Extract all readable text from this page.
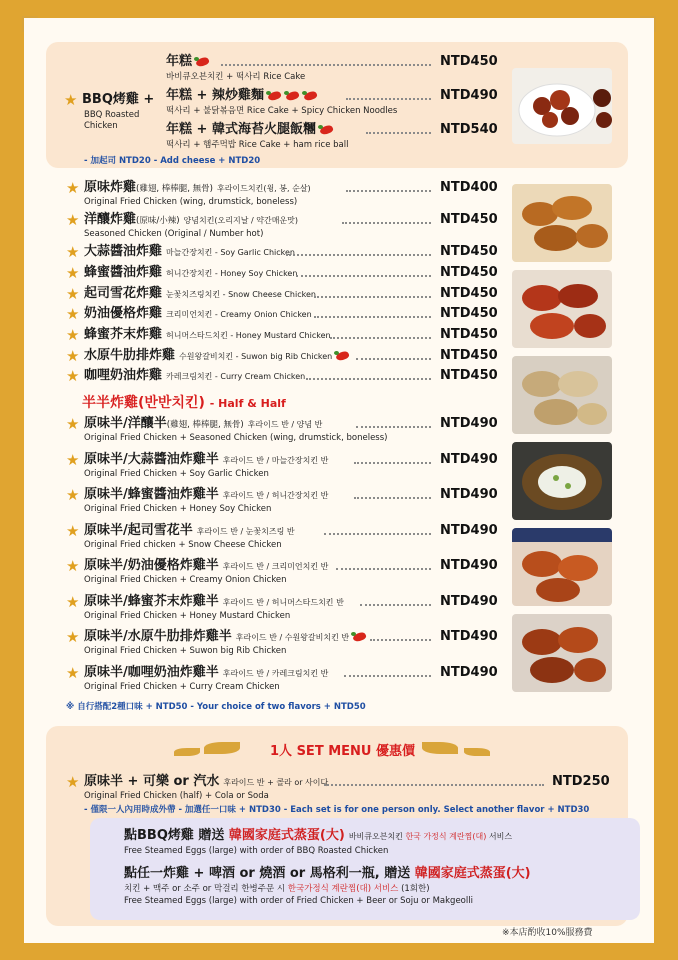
★ BBQ烤雞 +
BBQ Roasted Chicken
年糕
바비큐오븐치킨 + 떡사리 Rice Cake
NTD450
年糕 + 辣炒雞麵
떡사리 + 불닭볶음면 Rice Cake + Spicy Chicken Noodles
NTD490
年糕 + 韓式海苔火腿飯糰
떡사리 + 햄주먹밥 Rice Cake + ham rice ball
NTD540
- 加起司 NTD20 - Add cheese + NTD20
★ 原味炸雞(雞翅, 棒棒腿, 無骨) 후라이드치킨(윙, 봉, 순살)
Original Fried Chicken (wing, drumstick, boneless)
NTD400
★ 洋釀炸雞(原味/小辣) 양념치킨(오리지날 / 약간매운맛)
Seasoned Chicken (Original / Number hot)
NTD450
★ 大蒜醬油炸雞 마늘간장치킨 - Soy Garlic Chicken	NTD450
★ 蜂蜜醬油炸雞 허니간장치킨 - Honey Soy Chicken	NTD450
★ 起司雪花炸雞 눈꽃치즈링치킨 - Snow Cheese Chicken	NTD450
★ 奶油優格炸雞 크리미언치킨 - Creamy Onion Chicken	NTD450
★ 蜂蜜芥末炸雞 허니머스타드치킨 - Honey Mustard Chicken	NTD450
★ 水原牛肋排炸雞 수원왕갈비치킨 - Suwon big Rib Chicken	NTD450
★ 咖哩奶油炸雞 카레크림치킨 - Curry Cream Chicken	NTD450
半半炸雞(반반치킨) - Half & Half
★ 原味半/洋釀半(雞翅, 棒棒腿, 無骨) 후라이드 반 / 양념 반
Original Fried Chicken + Seasoned Chicken (wing, drumstick, boneless)
NTD490
★ 原味半/大蒜醬油炸雞半 후라이드 반 / 마늘간장치킨 반
Original Fried Chicken + Soy Garlic Chicken
NTD490
★ 原味半/蜂蜜醬油炸雞半 후라이드 반 / 허니간장치킨 반
Original Fried Chicken + Honey Soy Chicken
NTD490
★ 原味半/起司雪花半 후라이드 반 / 눈꽃치즈링 반
Original Fried chicken + Snow Cheese Chicken
NTD490
★ 原味半/奶油優格炸雞半 후라이드 반 / 크리미언치킨 반
Original Fried Chicken + Creamy Onion Chicken
NTD490
★ 原味半/蜂蜜芥末炸雞半 후라이드 반 / 허니머스타드치킨 반
Original Fried Chicken + Honey Mustard Chicken
NTD490
★ 原味半/水原牛肋排炸雞半 후라이드 반 / 수원왕갈비치킨 반
Original Fried Chicken + Suwon big Rib Chicken
NTD490
★ 原味半/咖哩奶油炸雞半 후라이드 반 / 카레크림치킨 반
Original Fried Chicken + Curry Cream Chicken
NTD490
※ 自行搭配2種口味 + NTD50 - Your choice of two flavors + NTD50
1人 SET MENU 優惠價
★ 原味半 + 可樂 or 汽水 후라이드 반 + 콜라 or 사이다
Original Fried Chicken (half) + Cola or Soda
NTD250
- 僅限一人內用時成外帶 - 加選任一口味 + NTD30 - Each set is for one person only. Select another flavor + NTD30
點BBQ烤雞 贈送 韓國家庭式蒸蛋(大) 바비큐오븐치킨 한국 가정식 계란찜(대) 서비스
Free Steamed Eggs (large) with order of BBQ Roasted Chicken
點任一炸雞 + 啤酒 or 燒酒 or 馬格利一瓶, 贈送 韓國家庭式蒸蛋(大)
치킨 + 맥주 or 소주 or 막걸리 한병주문 시 한국가정식 계란찜(대) 서비스 (1회한)
Free Steamed Eggs (large) with order of Fried Chicken + Beer or Soju or Makgeolli
※本店酌收10%服務費
